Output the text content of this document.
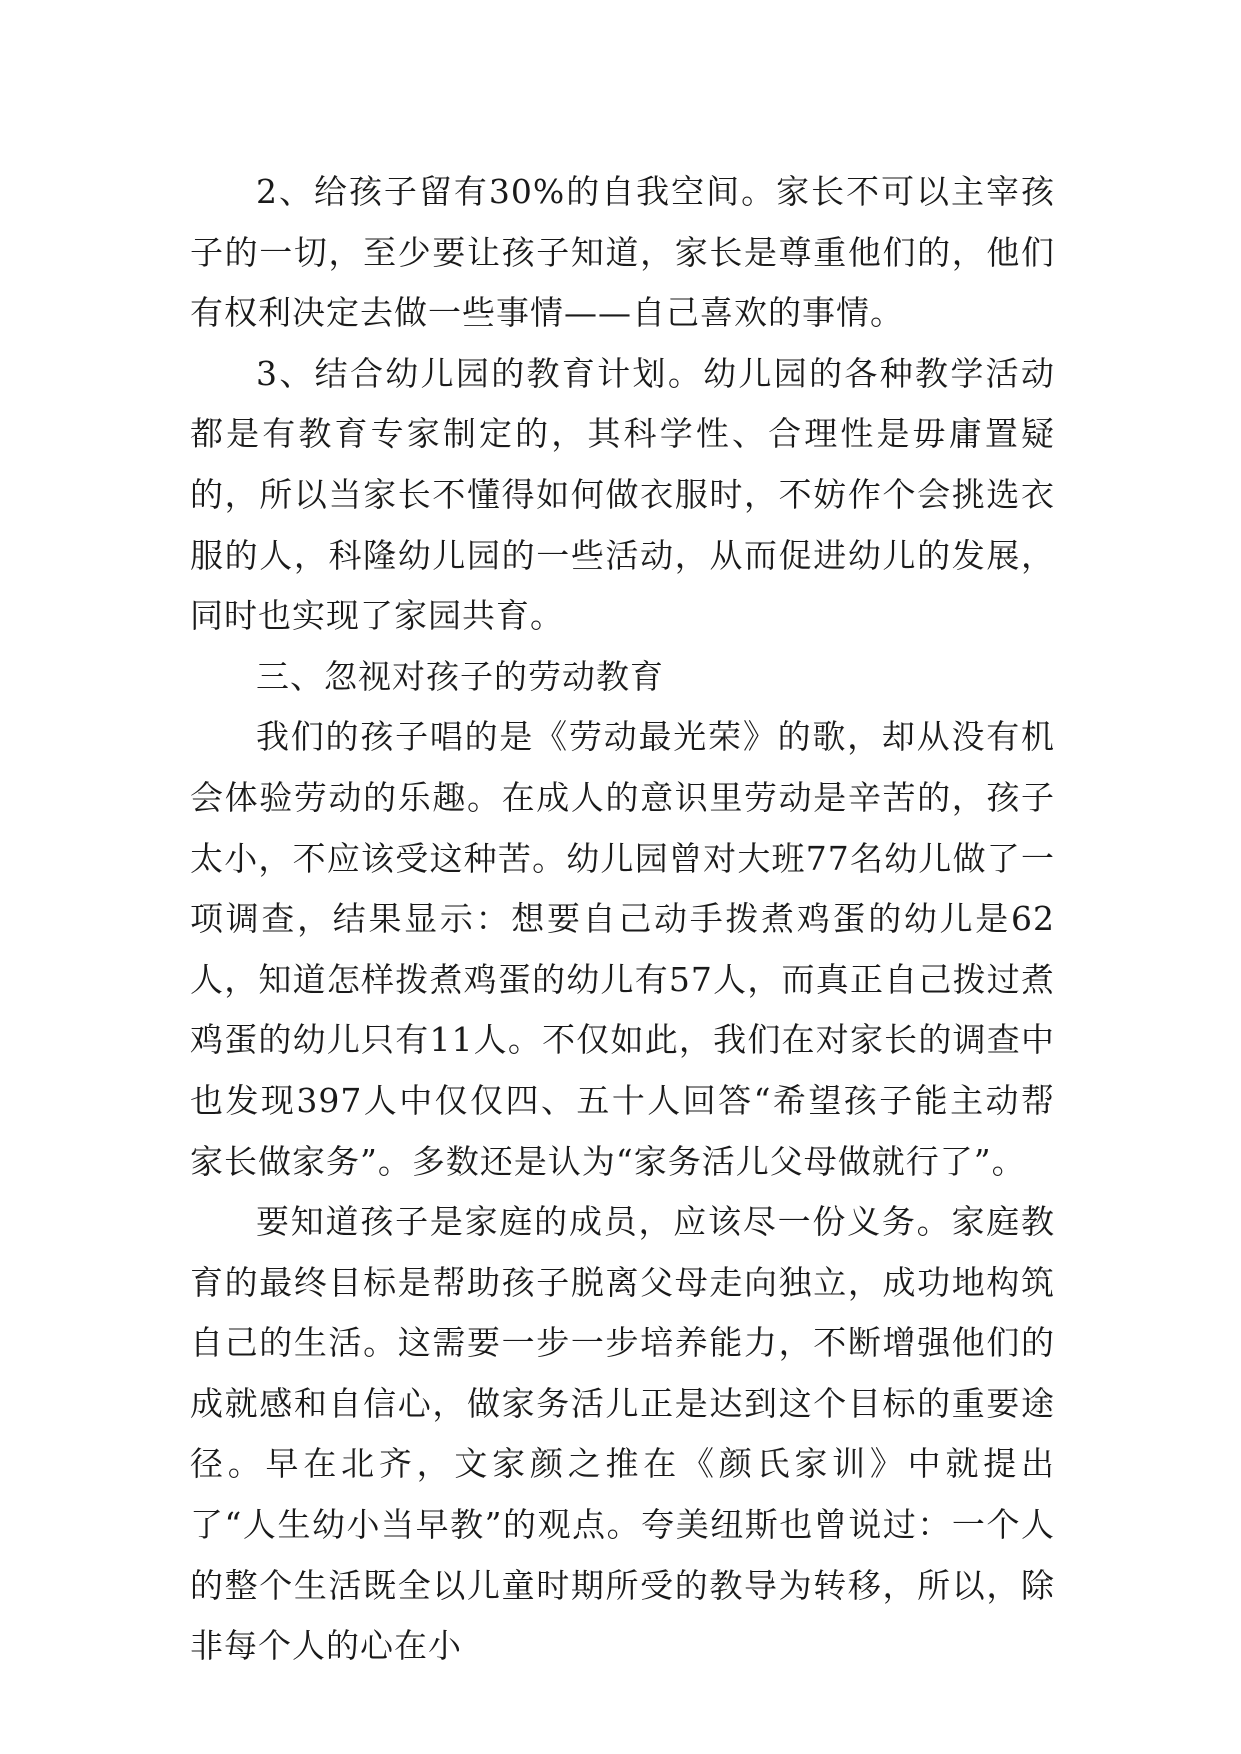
2、给孩子留有30%的自我空间。家长不可以主宰孩子的一切，至少要让孩子知道，家长是尊重他们的，他们有权利决定去做一些事情——自己喜欢的事情。

3、结合幼儿园的教育计划。幼儿园的各种教学活动都是有教育专家制定的，其科学性、合理性是毋庸置疑的，所以当家长不懂得如何做衣服时，不妨作个会挑选衣服的人，科隆幼儿园的一些活动，从而促进幼儿的发展，同时也实现了家园共育。

三、忽视对孩子的劳动教育

我们的孩子唱的是《劳动最光荣》的歌，却从没有机会体验劳动的乐趣。在成人的意识里劳动是辛苦的，孩子太小，不应该受这种苦。幼儿园曾对大班77名幼儿做了一项调查，结果显示：想要自己动手拨煮鸡蛋的幼儿是62人，知道怎样拨煮鸡蛋的幼儿有57人，而真正自己拨过煮鸡蛋的幼儿只有11人。不仅如此，我们在对家长的调查中也发现397人中仅仅四、五十人回答“希望孩子能主动帮家长做家务”。多数还是认为“家务活儿父母做就行了”。

要知道孩子是家庭的成员，应该尽一份义务。家庭教育的最终目标是帮助孩子脱离父母走向独立，成功地构筑自己的生活。这需要一步一步培养能力，不断增强他们的成就感和自信心，做家务活儿正是达到这个目标的重要途径。早在北齐，文家颜之推在《颜氏家训》中就提出了“人生幼小当早教”的观点。夸美纽斯也曾说过：一个人的整个生活既全以儿童时期所受的教导为转移，所以，除非每个人的心在小
